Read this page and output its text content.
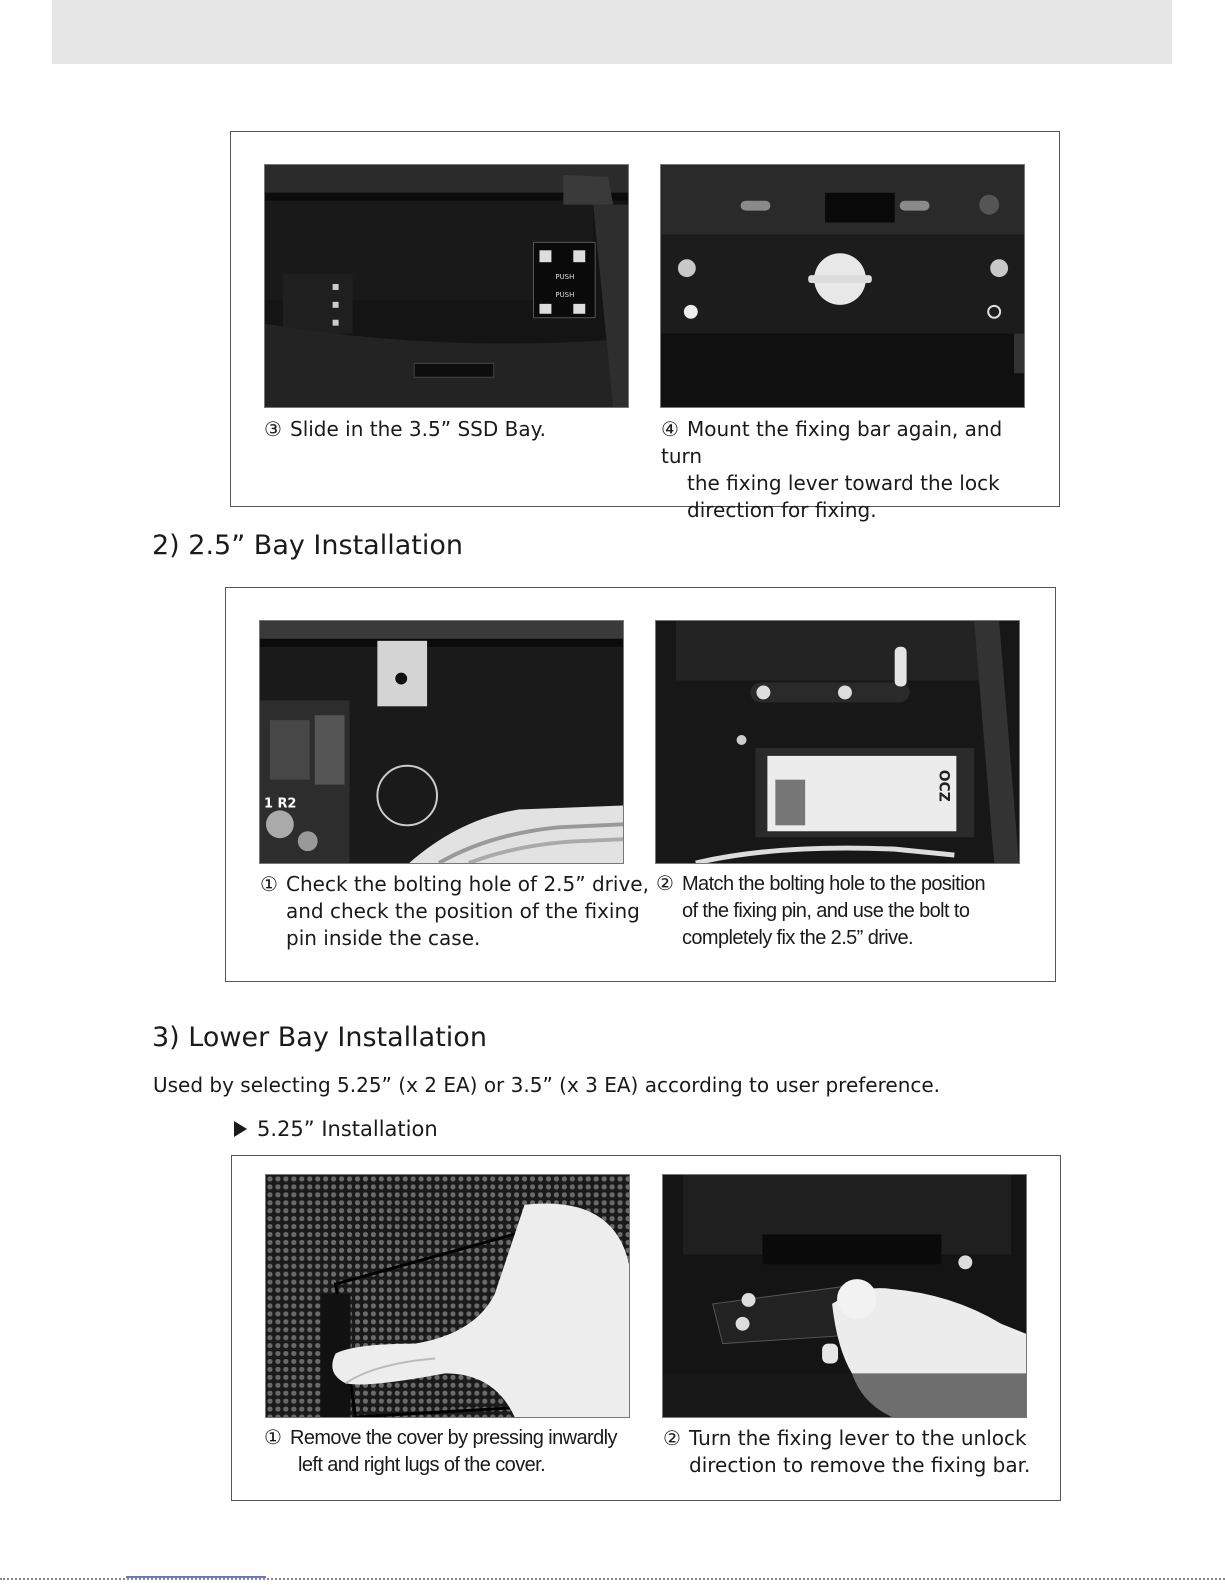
PUSH
PUSH
③ Slide in the 3.5” SSD Bay.	④ Mount the fixing bar again, and turn
the fixing lever toward the lock
direction for fixing.
2) 2.5” Bay Installation
1 R2
OCZ
① Check the bolting hole of 2.5” drive,
and check the position of the fixing
pin inside the case.
② Match the bolting hole to the position
of the fixing pin, and use the bolt to
completely fix the 2.5” drive.
3) Lower Bay Installation
Used by selecting 5.25” (x 2 EA) or 3.5” (x 3 EA) according to user preference.
5.25” Installation
① Remove the cover by pressing inwardly
left and right lugs of the cover.
② Turn the fixing lever to the unlock
direction to remove the fixing bar.
